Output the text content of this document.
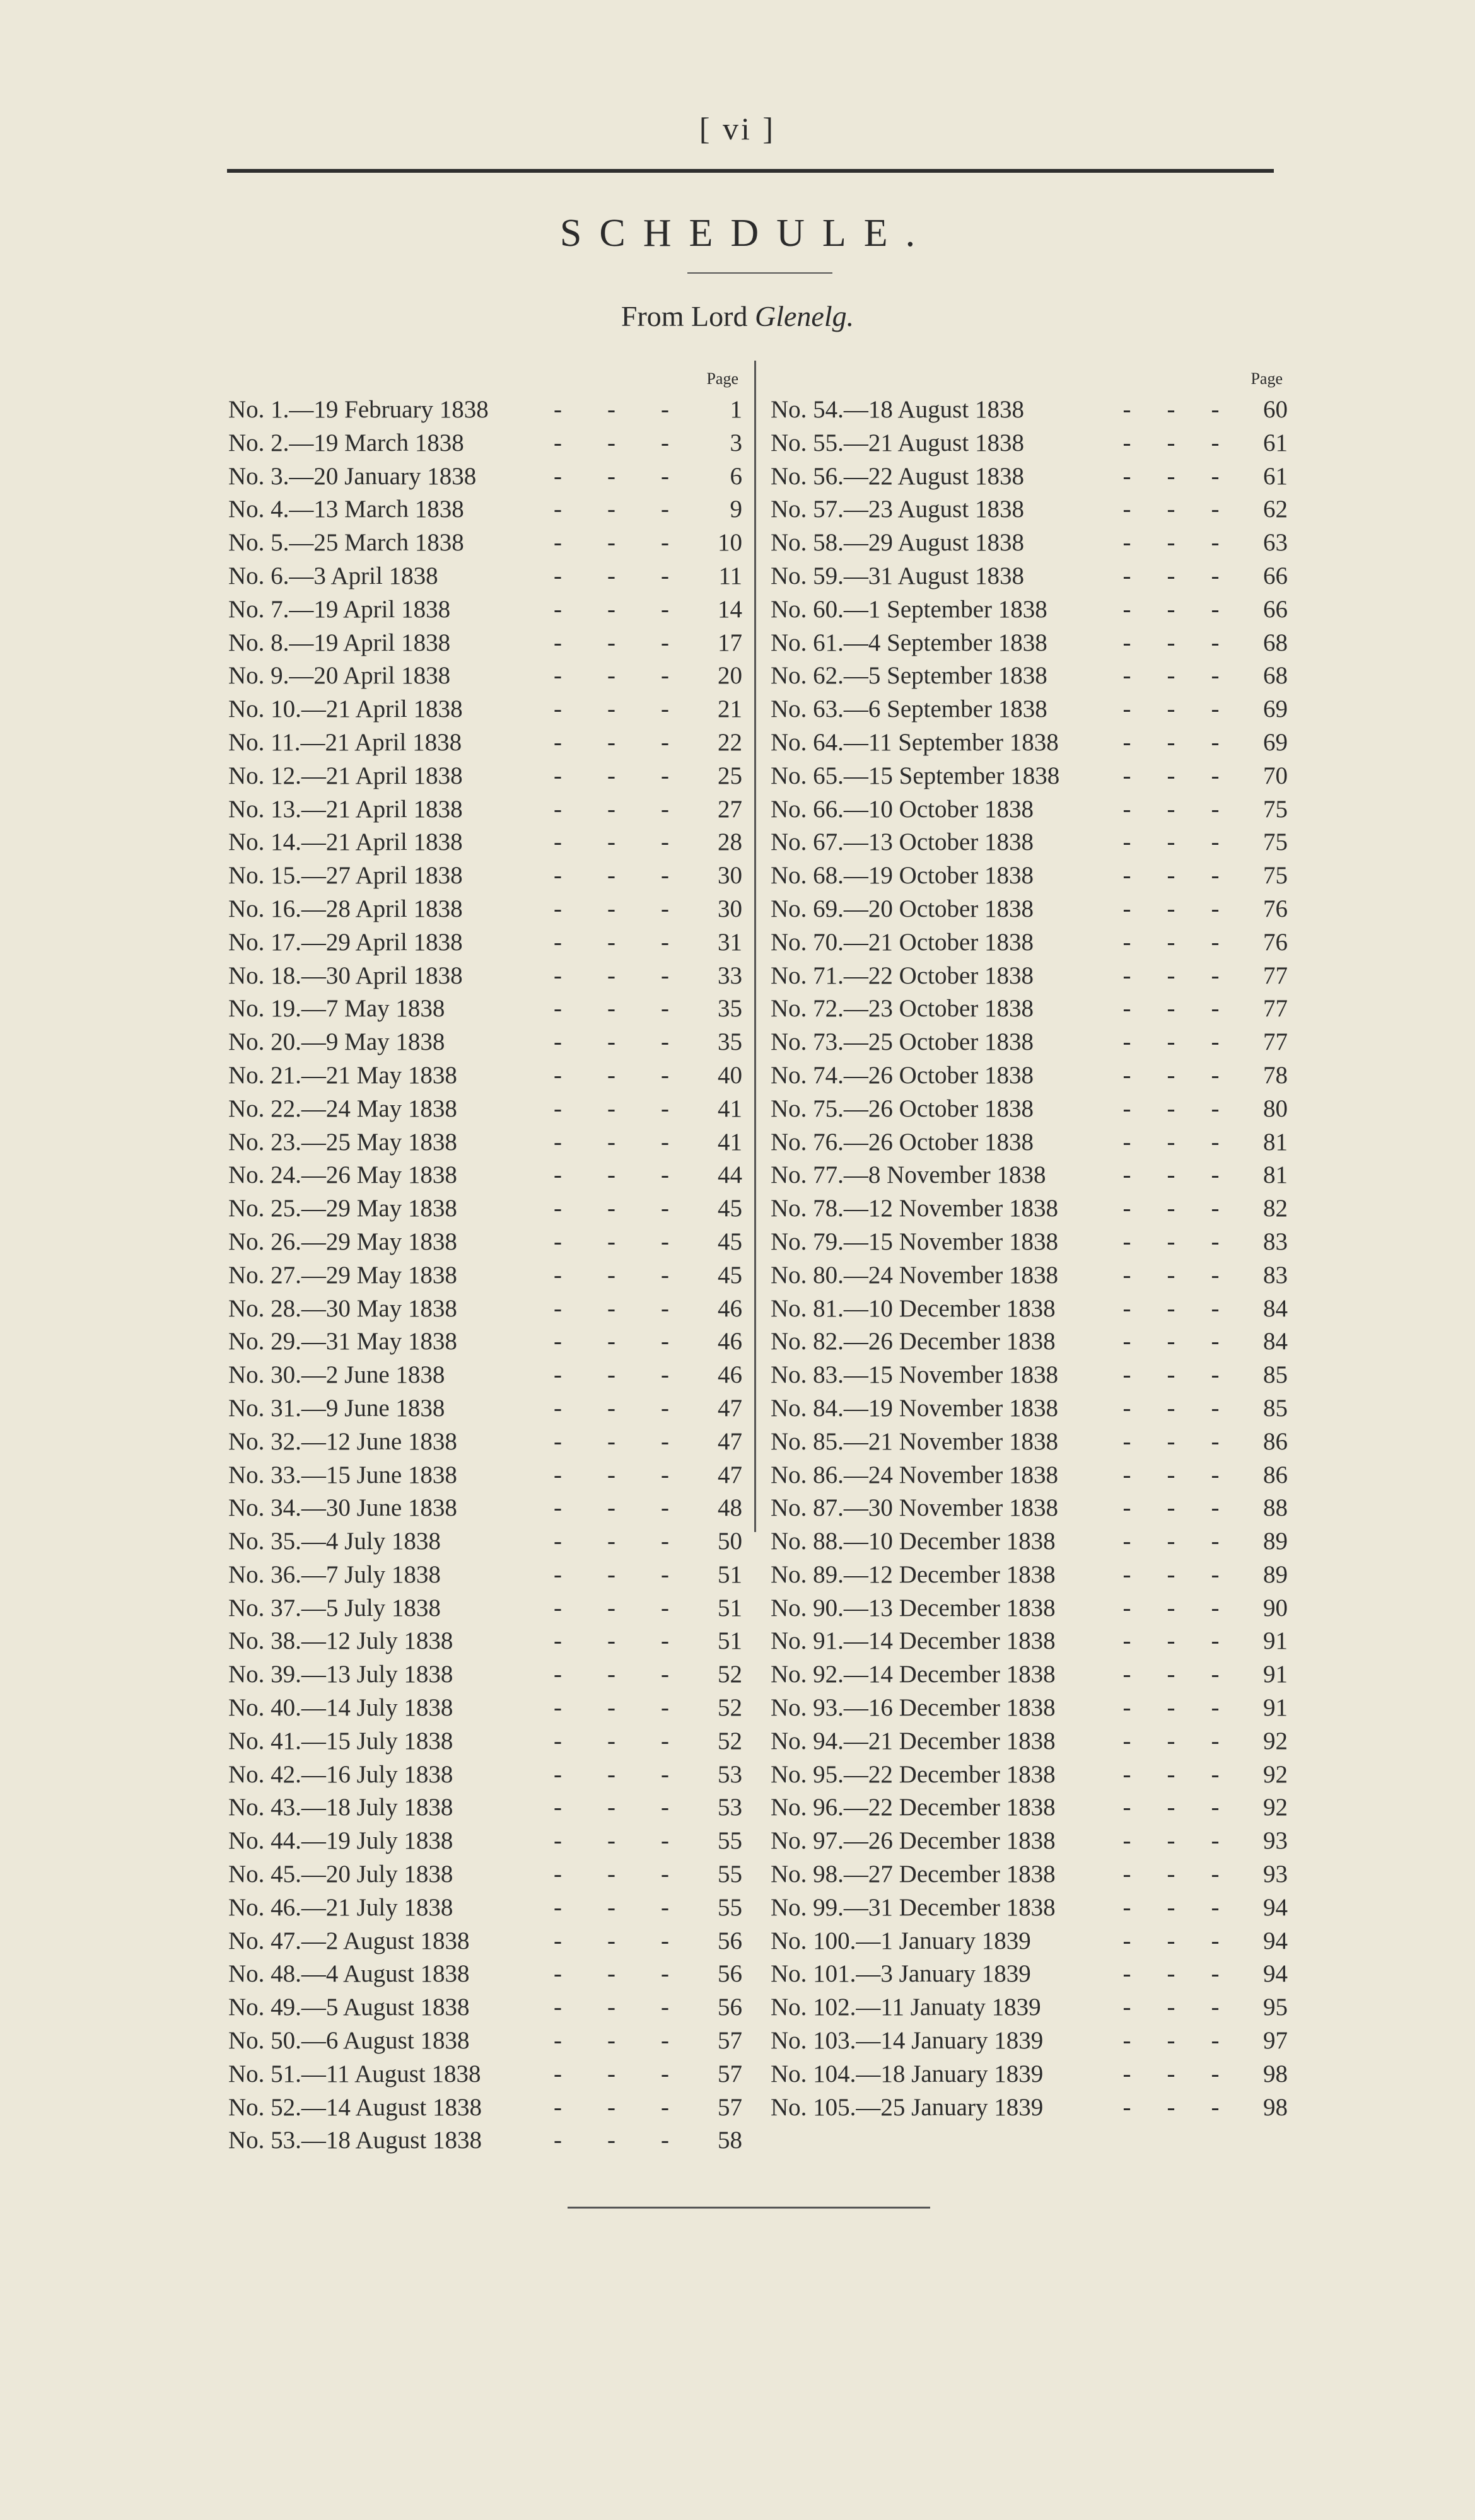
[ vi ]
SCHEDULE.
From Lord Glenelg.
Page
No. 1.—19 February 1838	- - -	1
No. 2.—19 March 1838	- - -	3
No. 3.—20 January 1838	- - -	6
No. 4.—13 March 1838	- - -	9
No. 5.—25 March 1838	- - -	10
No. 6.—3 April 1838	- - -	11
No. 7.—19 April 1838	- - -	14
No. 8.—19 April 1838	- - -	17
No. 9.—20 April 1838	- - -	20
No. 10.—21 April 1838	- - -	21
No. 11.—21 April 1838	- - -	22
No. 12.—21 April 1838	- - -	25
No. 13.—21 April 1838	- - -	27
No. 14.—21 April 1838	- - -	28
No. 15.—27 April 1838	- - -	30
No. 16.—28 April 1838	- - -	30
No. 17.—29 April 1838	- - -	31
No. 18.—30 April 1838	- - -	33
No. 19.—7 May 1838	- - -	35
No. 20.—9 May 1838	- - -	35
No. 21.—21 May 1838	- - -	40
No. 22.—24 May 1838	- - -	41
No. 23.—25 May 1838	- - -	41
No. 24.—26 May 1838	- - -	44
No. 25.—29 May 1838	- - -	45
No. 26.—29 May 1838	- - -	45
No. 27.—29 May 1838	- - -	45
No. 28.—30 May 1838	- - -	46
No. 29.—31 May 1838	- - -	46
No. 30.—2 June 1838	- - -	46
No. 31.—9 June 1838	- - -	47
No. 32.—12 June 1838	- - -	47
No. 33.—15 June 1838	- - -	47
No. 34.—30 June 1838	- - -	48
No. 35.—4 July 1838	- - -	50
No. 36.—7 July 1838	- - -	51
No. 37.—5 July 1838	- - -	51
No. 38.—12 July 1838	- - -	51
No. 39.—13 July 1838	- - -	52
No. 40.—14 July 1838	- - -	52
No. 41.—15 July 1838	- - -	52
No. 42.—16 July 1838	- - -	53
No. 43.—18 July 1838	- - -	53
No. 44.—19 July 1838	- - -	55
No. 45.—20 July 1838	- - -	55
No. 46.—21 July 1838	- - -	55
No. 47.—2 August 1838	- - -	56
No. 48.—4 August 1838	- - -	56
No. 49.—5 August 1838	- - -	56
No. 50.—6 August 1838	- - -	57
No. 51.—11 August 1838	- - -	57
No. 52.—14 August 1838	- - -	57
No. 53.—18 August 1838	- - -	58
Page
No. 54.—18 August 1838	- - -	60
No. 55.—21 August 1838	- - -	61
No. 56.—22 August 1838	- - -	61
No. 57.—23 August 1838	- - -	62
No. 58.—29 August 1838	- - -	63
No. 59.—31 August 1838	- - -	66
No. 60.—1 September 1838	- - -	66
No. 61.—4 September 1838	- - -	68
No. 62.—5 September 1838	- - -	68
No. 63.—6 September 1838	- - -	69
No. 64.—11 September 1838	- - -	69
No. 65.—15 September 1838	- - -	70
No. 66.—10 October 1838	- - -	75
No. 67.—13 October 1838	- - -	75
No. 68.—19 October 1838	- - -	75
No. 69.—20 October 1838	- - -	76
No. 70.—21 October 1838	- - -	76
No. 71.—22 October 1838	- - -	77
No. 72.—23 October 1838	- - -	77
No. 73.—25 October 1838	- - -	77
No. 74.—26 October 1838	- - -	78
No. 75.—26 October 1838	- - -	80
No. 76.—26 October 1838	- - -	81
No. 77.—8 November 1838	- - -	81
No. 78.—12 November 1838	- - -	82
No. 79.—15 November 1838	- - -	83
No. 80.—24 November 1838	- - -	83
No. 81.—10 December 1838	- - -	84
No. 82.—26 December 1838	- - -	84
No. 83.—15 November 1838	- - -	85
No. 84.—19 November 1838	- - -	85
No. 85.—21 November 1838	- - -	86
No. 86.—24 November 1838	- - -	86
No. 87.—30 November 1838	- - -	88
No. 88.—10 December 1838	- - -	89
No. 89.—12 December 1838	- - -	89
No. 90.—13 December 1838	- - -	90
No. 91.—14 December 1838	- - -	91
No. 92.—14 December 1838	- - -	91
No. 93.—16 December 1838	- - -	91
No. 94.—21 December 1838	- - -	92
No. 95.—22 December 1838	- - -	92
No. 96.—22 December 1838	- - -	92
No. 97.—26 December 1838	- - -	93
No. 98.—27 December 1838	- - -	93
No. 99.—31 December 1838	- - -	94
No. 100.—1 January 1839	- - -	94
No. 101.—3 January 1839	- - -	94
No. 102.—11 Januaty 1839	- - -	95
No. 103.—14 January 1839	- - -	97
No. 104.—18 January 1839	- - -	98
No. 105.—25 January 1839	- - -	98
